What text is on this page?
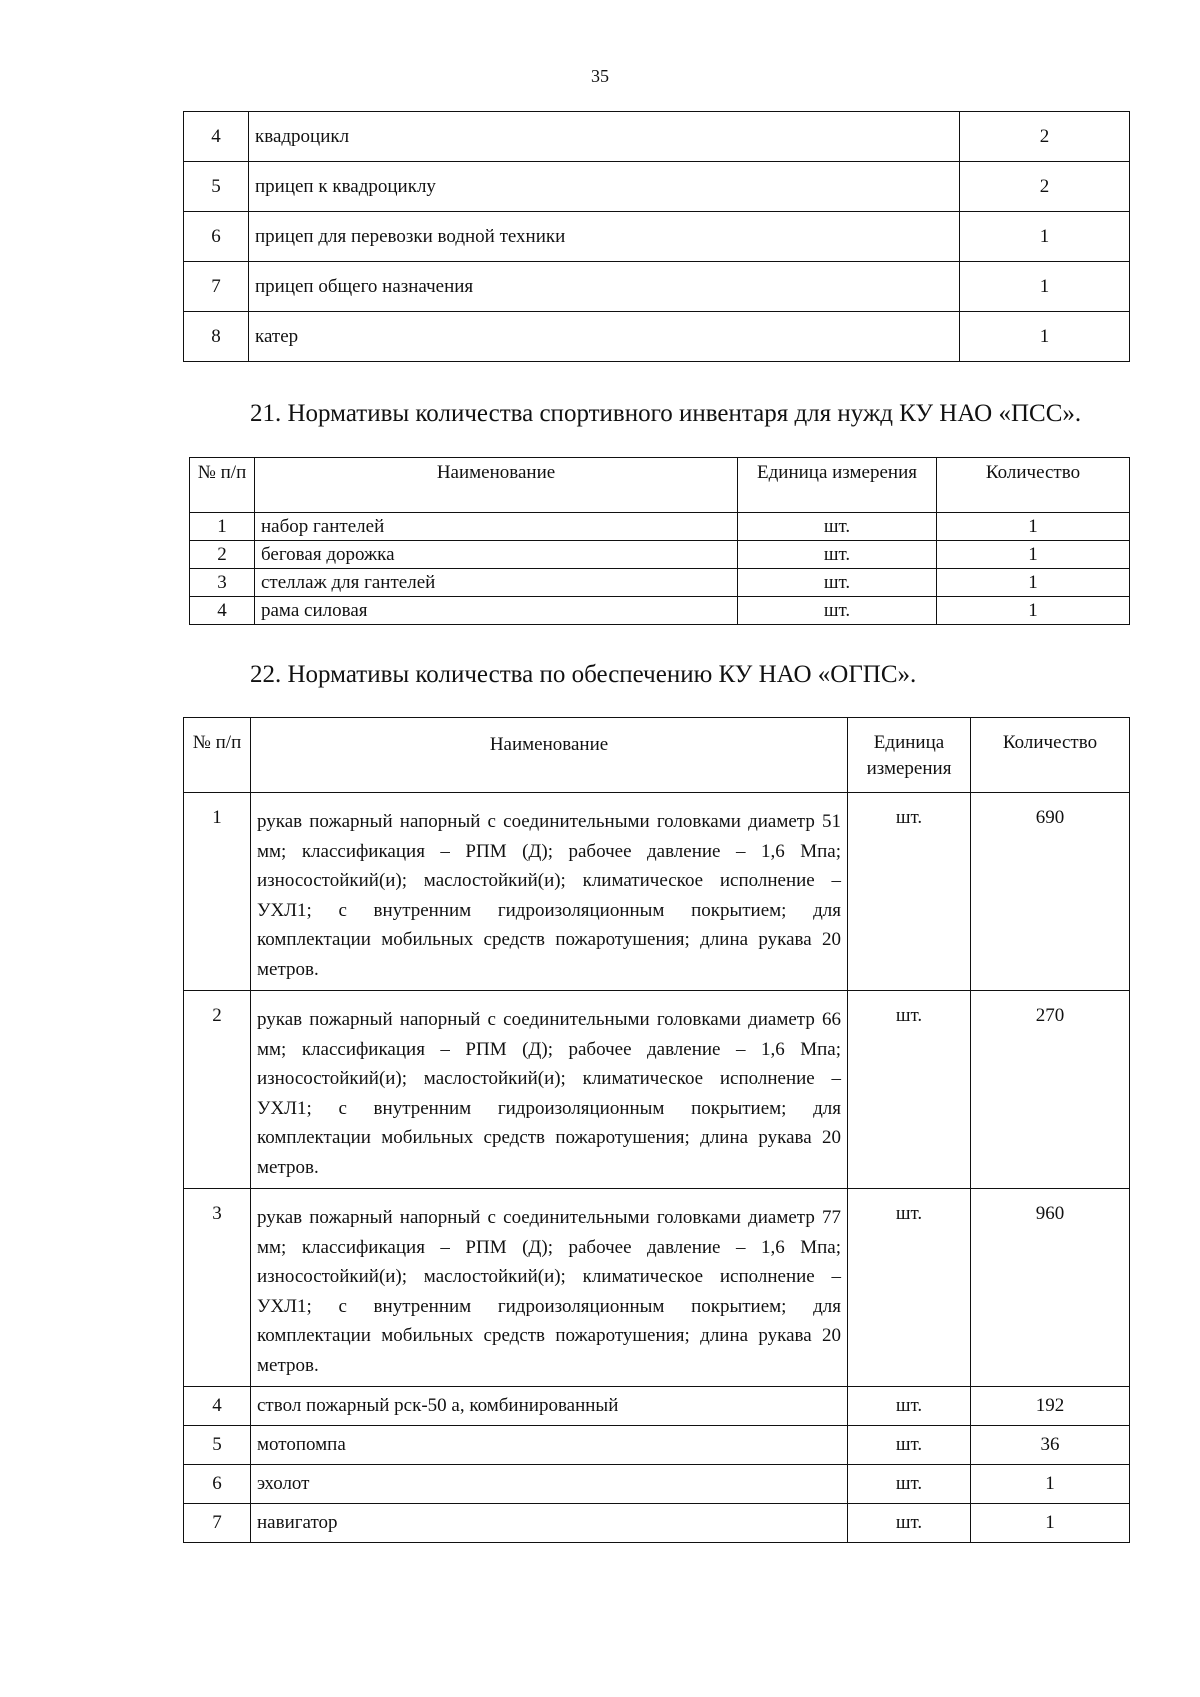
35
4	квадроцикл	2
5	прицеп к квадроциклу	2
6	прицеп для перевозки водной техники	1
7	прицеп общего назначения	1
8	катер	1
21. Нормативы количества спортивного инвентаря для нужд КУ НАО «ПСС».
№ п/п	Наименование	Единица измерения	Количество
1	набор гантелей	шт.	1
2	беговая дорожка	шт.	1
3	стеллаж для гантелей	шт.	1
4	рама силовая	шт.	1
22. Нормативы количества по обеспечению КУ НАО «ОГПС».
№ п/п	Наименование	Единица измерения	Количество
1	рукав пожарный напорный с соединительными головками диаметр 51 мм; классификация – РПМ (Д); рабочее давление – 1,6 Мпа; износостойкий(и); маслостойкий(и); климатическое исполнение – УХЛ1; с внутренним гидроизоляционным покрытием; для комплектации мобильных средств пожаротушения; длина рукава 20 метров.	шт.	690
2	рукав пожарный напорный с соединительными головками диаметр 66 мм; классификация – РПМ (Д); рабочее давление – 1,6 Мпа; износостойкий(и); маслостойкий(и); климатическое исполнение – УХЛ1; с внутренним гидроизоляционным покрытием; для комплектации мобильных средств пожаротушения; длина рукава 20 метров.	шт.	270
3	рукав пожарный напорный с соединительными головками диаметр 77 мм; классификация – РПМ (Д); рабочее давление – 1,6 Мпа; износостойкий(и); маслостойкий(и); климатическое исполнение – УХЛ1; с внутренним гидроизоляционным покрытием; для комплектации мобильных средств пожаротушения; длина рукава 20 метров.	шт.	960
4	ствол пожарный рск-50 а, комбинированный	шт.	192
5	мотопомпа	шт.	36
6	эхолот	шт.	1
7	навигатор	шт.	1
